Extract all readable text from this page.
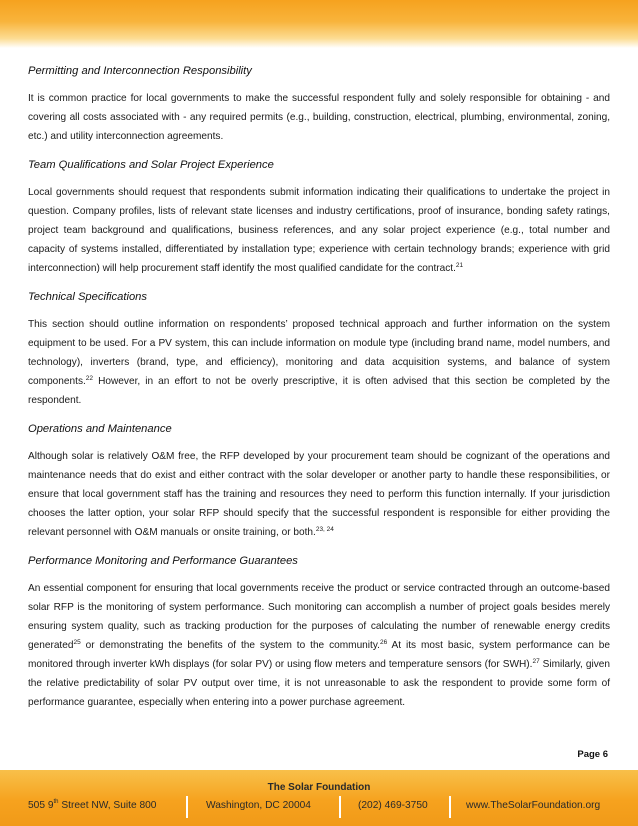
Permitting and Interconnection Responsibility
It is common practice for local governments to make the successful respondent fully and solely responsible for obtaining - and covering all costs associated with - any required permits (e.g., building, construction, electrical, plumbing, environmental, zoning, etc.) and utility interconnection agreements.
Team Qualifications and Solar Project Experience
Local governments should request that respondents submit information indicating their qualifications to undertake the project in question. Company profiles, lists of relevant state licenses and industry certifications, proof of insurance, bonding safety ratings, project team background and qualifications, business references, and any solar project experience (e.g., total number and capacity of systems installed, differentiated by installation type; experience with certain technology brands; experience with grid interconnection) will help procurement staff identify the most qualified candidate for the contract.$^{21}$
Technical Specifications
This section should outline information on respondents’ proposed technical approach and further information on the system equipment to be used. For a PV system, this can include information on module type (including brand name, model numbers, and technology), inverters (brand, type, and efficiency), monitoring and data acquisition systems, and balance of system components.$^{22}$ However, in an effort to not be overly prescriptive, it is often advised that this section be completed by the respondent.
Operations and Maintenance
Although solar is relatively O&M free, the RFP developed by your procurement team should be cognizant of the operations and maintenance needs that do exist and either contract with the solar developer or another party to handle these responsibilities, or ensure that local government staff has the training and resources they need to perform this function internally. If your jurisdiction chooses the latter option, your solar RFP should specify that the successful respondent is responsible for either providing the relevant personnel with O&M manuals or onsite training, or both.$^{23, 24}$
Performance Monitoring and Performance Guarantees
An essential component for ensuring that local governments receive the product or service contracted through an outcome-based solar RFP is the monitoring of system performance. Such monitoring can accomplish a number of project goals besides merely ensuring system quality, such as tracking production for the purposes of calculating the number of renewable energy credits generated$^{25}$ or demonstrating the benefits of the system to the community.$^{26}$ At its most basic, system performance can be monitored through inverter kWh displays (for solar PV) or using flow meters and temperature sensors (for SWH).$^{27}$ Similarly, given the relative predictability of solar PV output over time, it is not unreasonable to ask the respondent to provide some form of performance guarantee, especially when entering into a power purchase agreement.
Page 6
The Solar Foundation
505 9th Street NW, Suite 800	Washington, DC 20004	(202) 469-3750	www.TheSolarFoundation.org
